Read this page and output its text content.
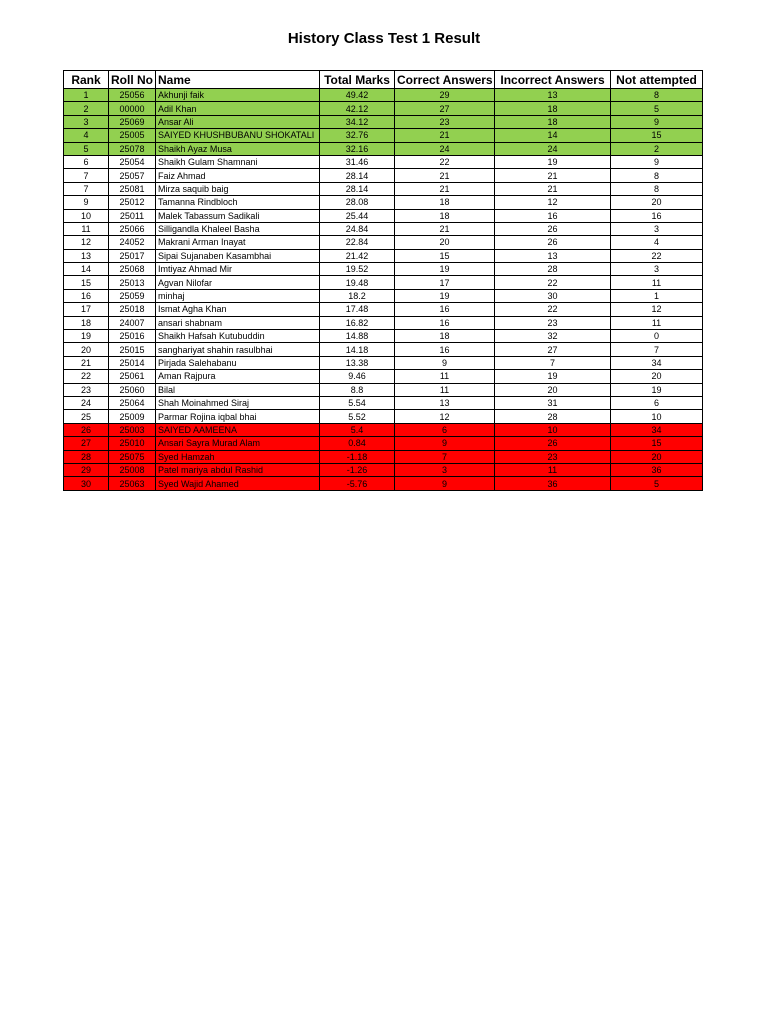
History Class Test 1 Result
Rank	Roll No	Name	Total Marks	Correct Answers	Incorrect Answers	Not attempted
1	25056	Akhunji faik	49.42	29	13	8
2	00000	Adil Khan	42.12	27	18	5
3	25069	Ansar Ali	34.12	23	18	9
4	25005	SAIYED KHUSHBUBANU SHOKATALI	32.76	21	14	15
5	25078	Shaikh Ayaz Musa	32.16	24	24	2
6	25054	Shaikh Gulam Shamnani	31.46	22	19	9
7	25057	Faiz Ahmad	28.14	21	21	8
7	25081	Mirza saquib baig	28.14	21	21	8
9	25012	Tamanna Rindbloch	28.08	18	12	20
10	25011	Malek Tabassum Sadikali	25.44	18	16	16
11	25066	Silligandla Khaleel Basha	24.84	21	26	3
12	24052	Makrani Arman Inayat	22.84	20	26	4
13	25017	Sipai Sujanaben Kasambhai	21.42	15	13	22
14	25068	Imtiyaz Ahmad Mir	19.52	19	28	3
15	25013	Agvan Nilofar	19.48	17	22	11
16	25059	minhaj	18.2	19	30	1
17	25018	Ismat Agha Khan	17.48	16	22	12
18	24007	ansari shabnam	16.82	16	23	11
19	25016	Shaikh Hafsah Kutubuddin	14.88	18	32	0
20	25015	sanghariyat shahin rasulbhai	14.18	16	27	7
21	25014	Pirjada Salehabanu	13.38	9	7	34
22	25061	Aman Rajpura	9.46	11	19	20
23	25060	Bilal	8.8	11	20	19
24	25064	Shah Moinahmed Siraj	5.54	13	31	6
25	25009	Parmar Rojina iqbal bhai	5.52	12	28	10
26	25003	SAIYED AAMEENA	5.4	6	10	34
27	25010	Ansari Sayra Murad Alam	0.84	9	26	15
28	25075	Syed Hamzah	-1.18	7	23	20
29	25008	Patel mariya abdul Rashid	-1.26	3	11	36
30	25063	Syed Wajid Ahamed	-5.76	9	36	5
